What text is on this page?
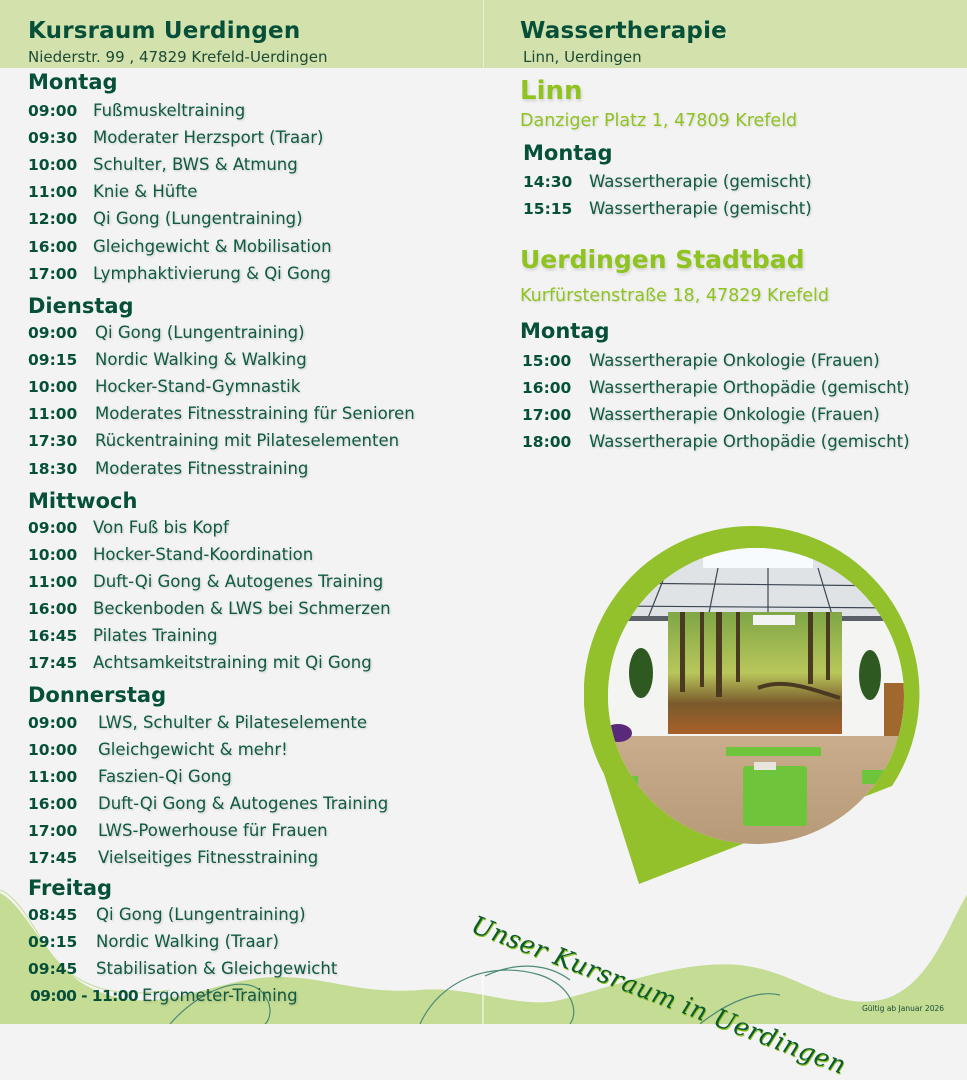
Kursraum Uerdingen
Niederstr. 99 , 47829 Krefeld-Uerdingen
Montag
09:00 Fußmuskeltraining
09:30 Moderater Herzsport (Traar)
10:00 Schulter, BWS & Atmung
11:00 Knie & Hüfte
12:00 Qi Gong (Lungentraining)
16:00 Gleichgewicht & Mobilisation
17:00 Lymphaktivierung & Qi Gong
Dienstag
09:00 Qi Gong (Lungentraining)
09:15 Nordic Walking & Walking
10:00 Hocker-Stand-Gymnastik
11:00 Moderates Fitnesstraining für Senioren
17:30 Rückentraining mit Pilateselementen
18:30 Moderates Fitnesstraining
Mittwoch
09:00 Von Fuß bis Kopf
10:00 Hocker-Stand-Koordination
11:00 Duft-Qi Gong & Autogenes Training
16:00 Beckenboden & LWS bei Schmerzen
16:45 Pilates Training
17:45 Achtsamkeitstraining mit Qi Gong
Donnerstag
09:00 LWS, Schulter & Pilateselemente
10:00 Gleichgewicht & mehr!
11:00 Faszien-Qi Gong
16:00 Duft-Qi Gong & Autogenes Training
17:00 LWS-Powerhouse für Frauen
17:45 Vielseitiges Fitnesstraining
Freitag
08:45 Qi Gong (Lungentraining)
09:15 Nordic Walking (Traar)
09:45 Stabilisation & Gleichgewicht
09:00 - 11:00 Ergometer-Training
Wassertherapie
Linn, Uerdingen
Linn
Danziger Platz 1, 47809 Krefeld
Montag
14:30 Wassertherapie (gemischt)
15:15 Wassertherapie (gemischt)
Uerdingen Stadtbad
Kurfürstenstraße 18, 47829 Krefeld
Montag
15:00 Wassertherapie Onkologie (Frauen)
16:00 Wassertherapie Orthopädie (gemischt)
17:00 Wassertherapie Onkologie (Frauen)
18:00 Wassertherapie Orthopädie (gemischt)
Unser Kursraum in Uerdingen Gültig ab Januar 2026
